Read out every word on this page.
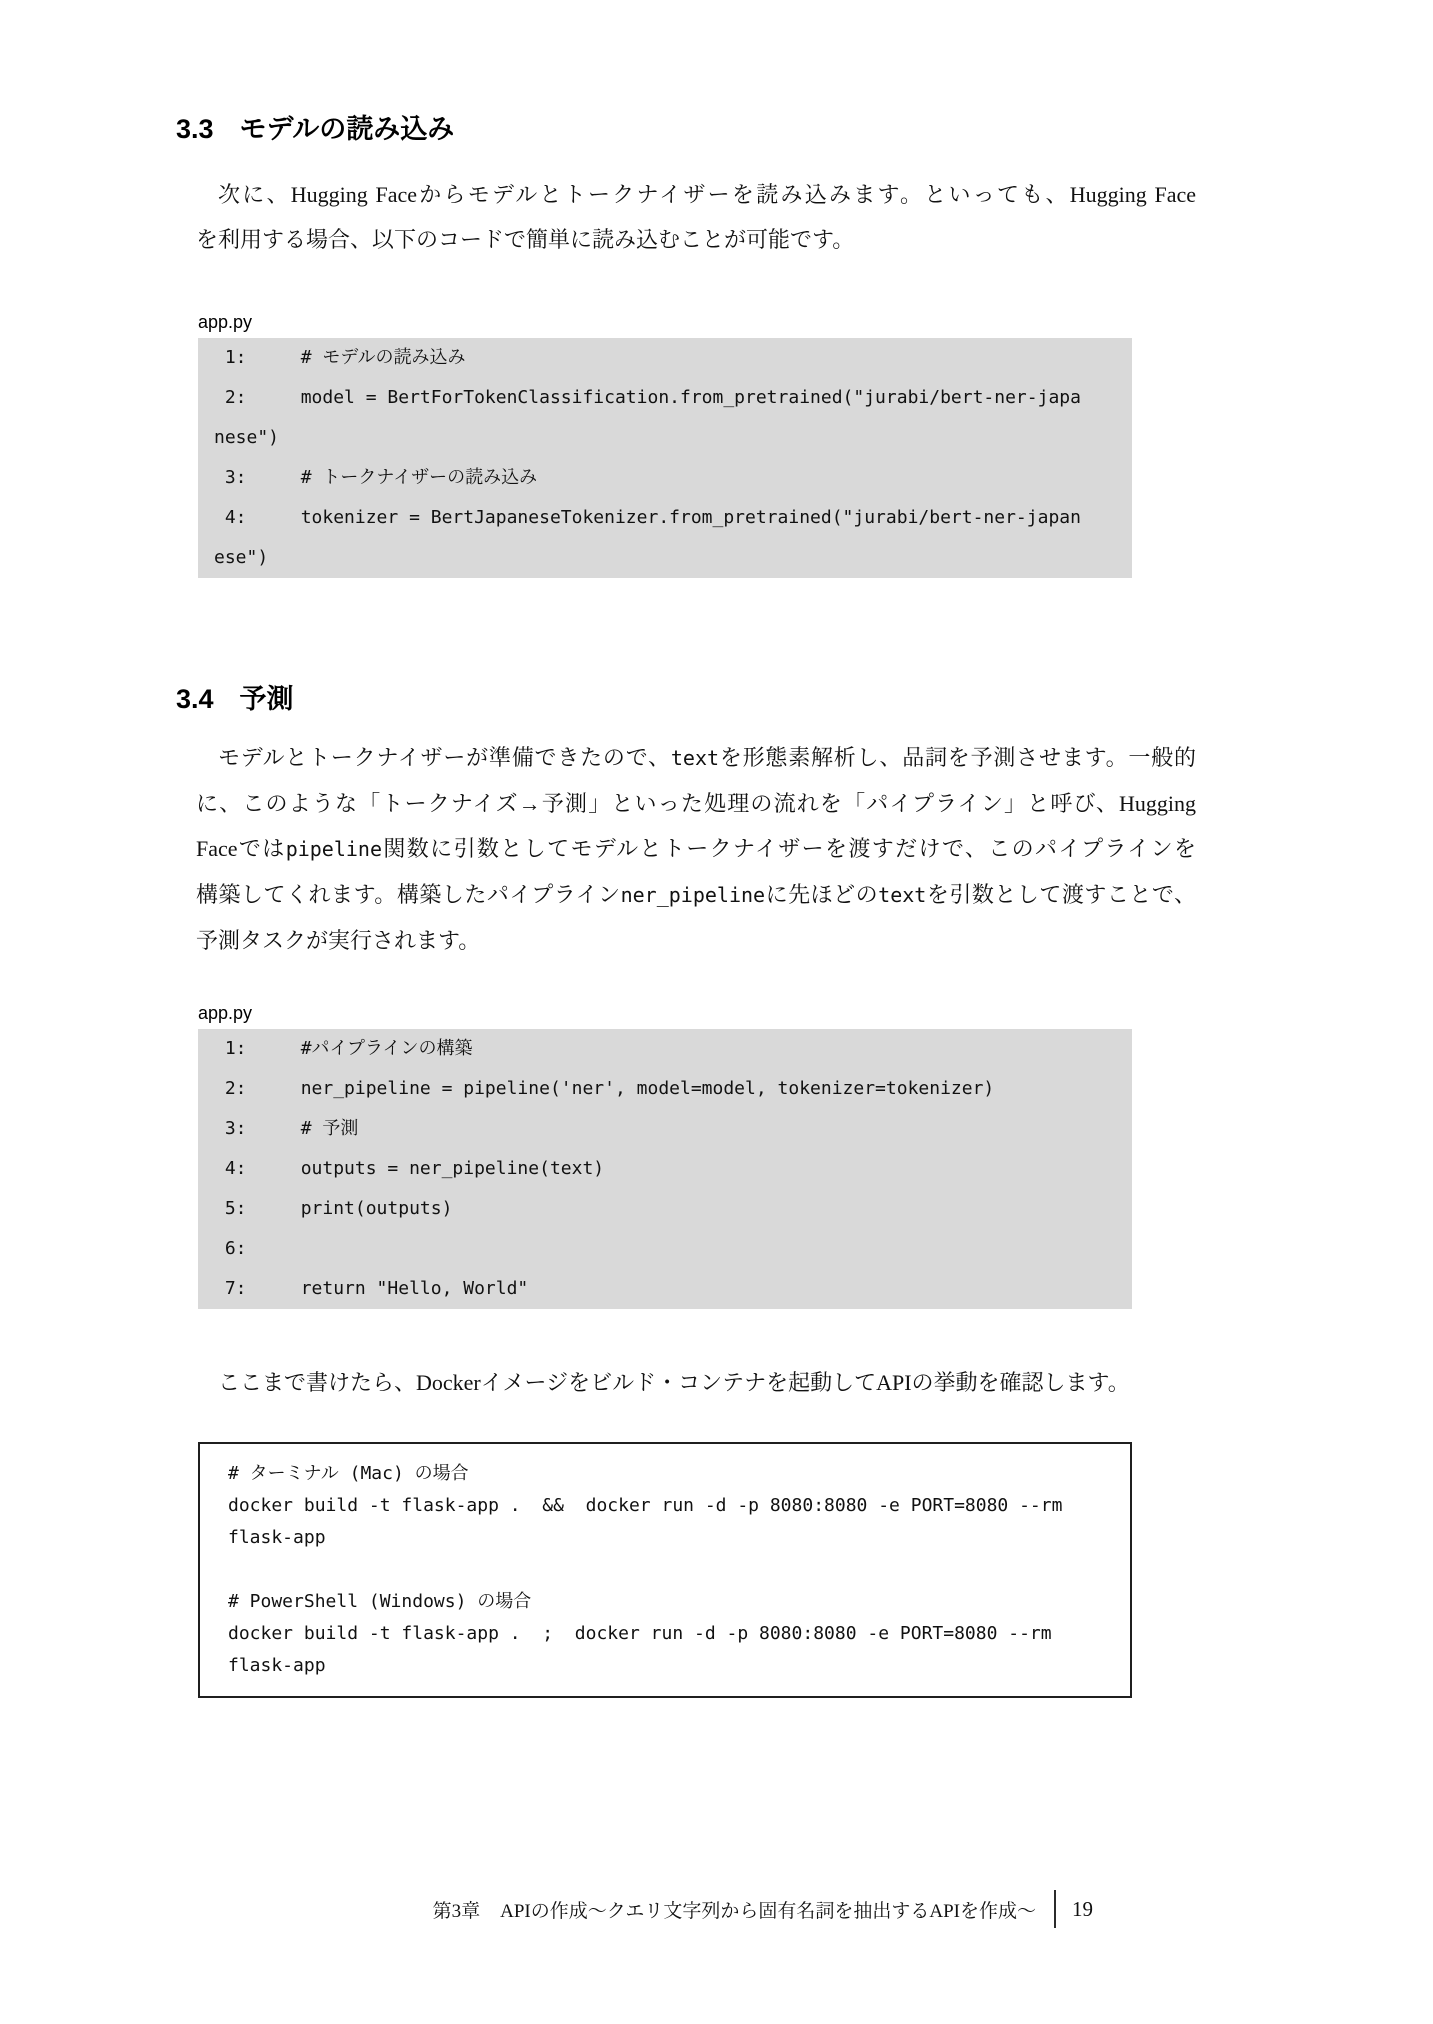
3.3 モデルの読み込み
次に、Hugging Faceからモデルとトークナイザーを読み込みます。といっても、Hugging Face
を利用する場合、以下のコードで簡単に読み込むことが可能です。
app.py
1:     # モデルの読み込み
2:     model = BertForTokenClassification.from_pretrained("jurabi/bert-ner-japa
nese")
3:     # トークナイザーの読み込み
4:     tokenizer = BertJapaneseTokenizer.from_pretrained("jurabi/bert-ner-japan
ese")
3.4 予測
モデルとトークナイザーが準備できたので、textを形態素解析し、品詞を予測させます。一般的
に、このような「トークナイズ→予測」といった処理の流れを「パイプライン」と呼び、Hugging
Faceではpipeline関数に引数としてモデルとトークナイザーを渡すだけで、このパイプラインを
構築してくれます。構築したパイプラインner_pipelineに先ほどのtextを引数として渡すことで、
予測タスクが実行されます。
app.py
1:     #パイプラインの構築
2:     ner_pipeline = pipeline('ner', model=model, tokenizer=tokenizer)
3:     # 予測
4:     outputs = ner_pipeline(text)
5:     print(outputs)
6:
7:     return "Hello, World"
ここまで書けたら、Dockerイメージをビルド・コンテナを起動してAPIの挙動を確認します。
# ターミナル (Mac) の場合
docker build -t flask-app .  &&  docker run -d -p 8080:8080 -e PORT=8080 --rm
flask-app
# PowerShell (Windows) の場合
docker build -t flask-app .  ;  docker run -d -p 8080:8080 -e PORT=8080 --rm
flask-app
第3章 APIの作成〜クエリ文字列から固有名詞を抽出するAPIを作成〜 19
